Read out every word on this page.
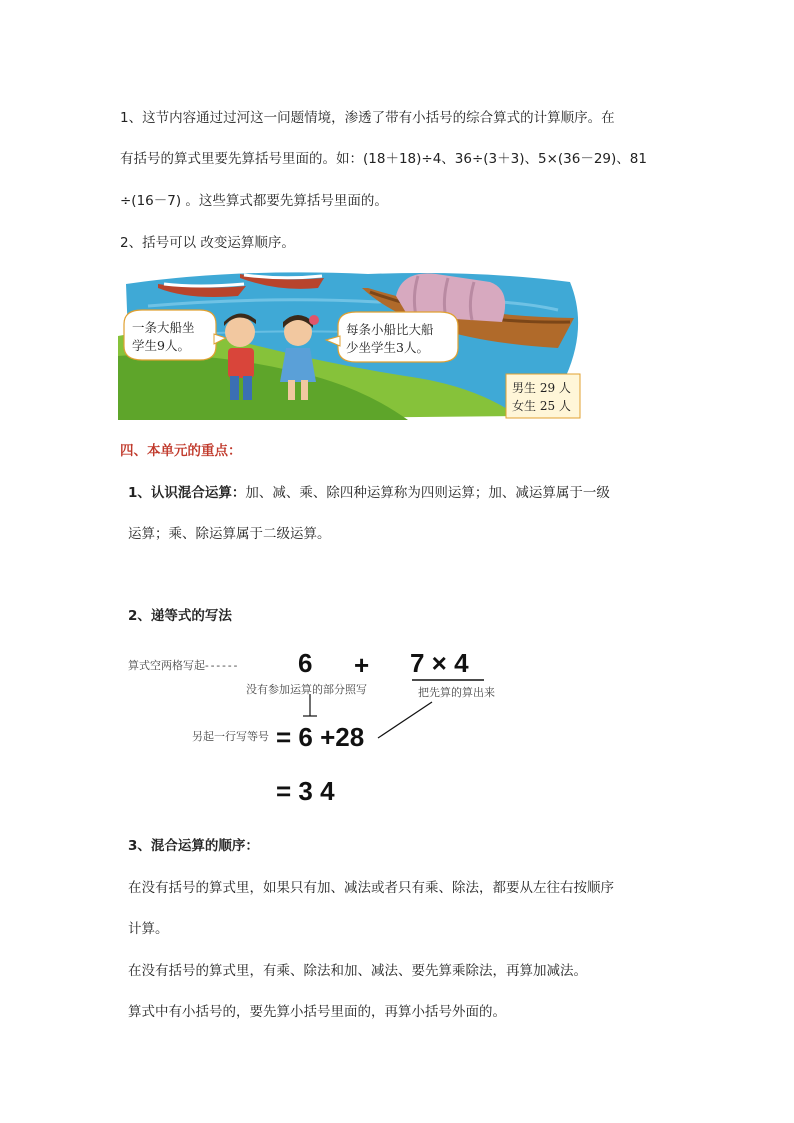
1、这节内容通过过河这一问题情境，渗透了带有小括号的综合算式的计算顺序。在
有括号的算式里要先算括号里面的。如：(18＋18)÷4、36÷(3＋3)、5×(36－29)、81
÷(16－7) 。这些算式都要先算括号里面的。
2、括号可以 改变运算顺序。
一条大船坐
学生9人。
每条小船比大船
少坐学生3人。
男生 29 人
女生 25 人
四、本单元的重点：
1、认识混合运算：加、减、乘、除四种运算称为四则运算；加、减运算属于一级
运算；乘、除运算属于二级运算。
2、递等式的写法
算式空两格写起------ 6 + 7 × 4
没有参加运算的部分照写	把先算的算出来
另起一行写等号 = 6 +28
= 3 4
3、混合运算的顺序：
在没有括号的算式里，如果只有加、减法或者只有乘、除法，都要从左往右按顺序
计算。
在没有括号的算式里，有乘、除法和加、减法、要先算乘除法，再算加减法。
算式中有小括号的，要先算小括号里面的，再算小括号外面的。
